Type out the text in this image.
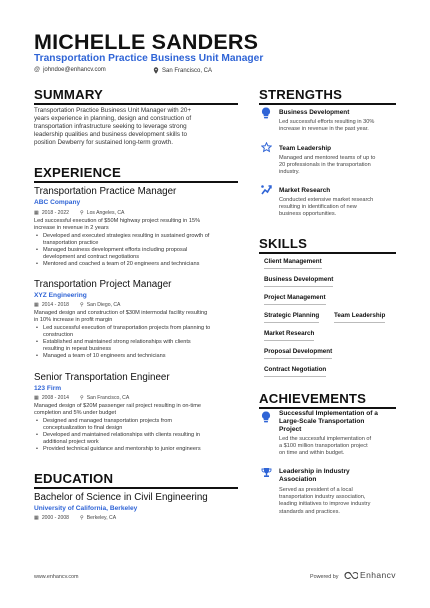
MICHELLE SANDERS
Transportation Practice Business Unit Manager
@ johndoe@enhancv.com	San Francisco, CA
SUMMARY
Transportation Practice Business Unit Manager with 20+
years experience in planning, design and construction of
transportation infrastructure seeking to leverage strong
leadership qualities and business development skills to
position Dewberry for sustained long-term growth.
EXPERIENCE
Transportation Practice Manager
ABC Company
▦ 2018 - 2022 ⚲ Los Angeles, CA
Led successful execution of $50M highway project resulting in 15%
increase in revenue in 2 years
• Developed and executed strategies resulting in sustained growth of
transportation practice
• Managed business development efforts including proposal
development and contract negotiations
• Mentored and coached a team of 20 engineers and technicians
Transportation Project Manager
XYZ Engineering
▦ 2014 - 2018 ⚲ San Diego, CA
Managed design and construction of $30M intermodal facility resulting
in 10% increase in profit margin
• Led successful execution of transportation projects from planning to
construction
• Established and maintained strong relationships with clients
resulting in repeat business
• Managed a team of 10 engineers and technicians
Senior Transportation Engineer
123 Firm
▦ 2008 - 2014 ⚲ San Francisco, CA
Managed design of $20M passenger rail project resulting in on-time
completion and 5% under budget
• Designed and managed transportation projects from
conceptualization to final design
• Developed and maintained relationships with clients resulting in
additional project work
• Provided technical guidance and mentorship to junior engineers
EDUCATION
Bachelor of Science in Civil Engineering
University of California, Berkeley
▦ 2000 - 2008 ⚲ Berkeley, CA
STRENGTHS
Business Development
Led successful efforts resulting in 30%
increase in revenue in the past year.
Team Leadership
Managed and mentored teams of up to
20 professionals in the transportation
industry.
Market Research
Conducted extensive market research
resulting in identification of new
business opportunities.
SKILLS
Client Management
Business Development
Project Management
Strategic Planning Team Leadership
Market Research
Proposal Development
Contract Negotiation
ACHIEVEMENTS
Successful Implementation of a
Large-Scale Transportation
Project
Led the successful implementation of
a $100 million transportation project
on time and within budget.
Leadership in Industry
Association
Served as president of a local
transportation industry association,
leading initiatives to improve industry
standards and practices.
www.enhancv.com	Powered by	Enhancv
